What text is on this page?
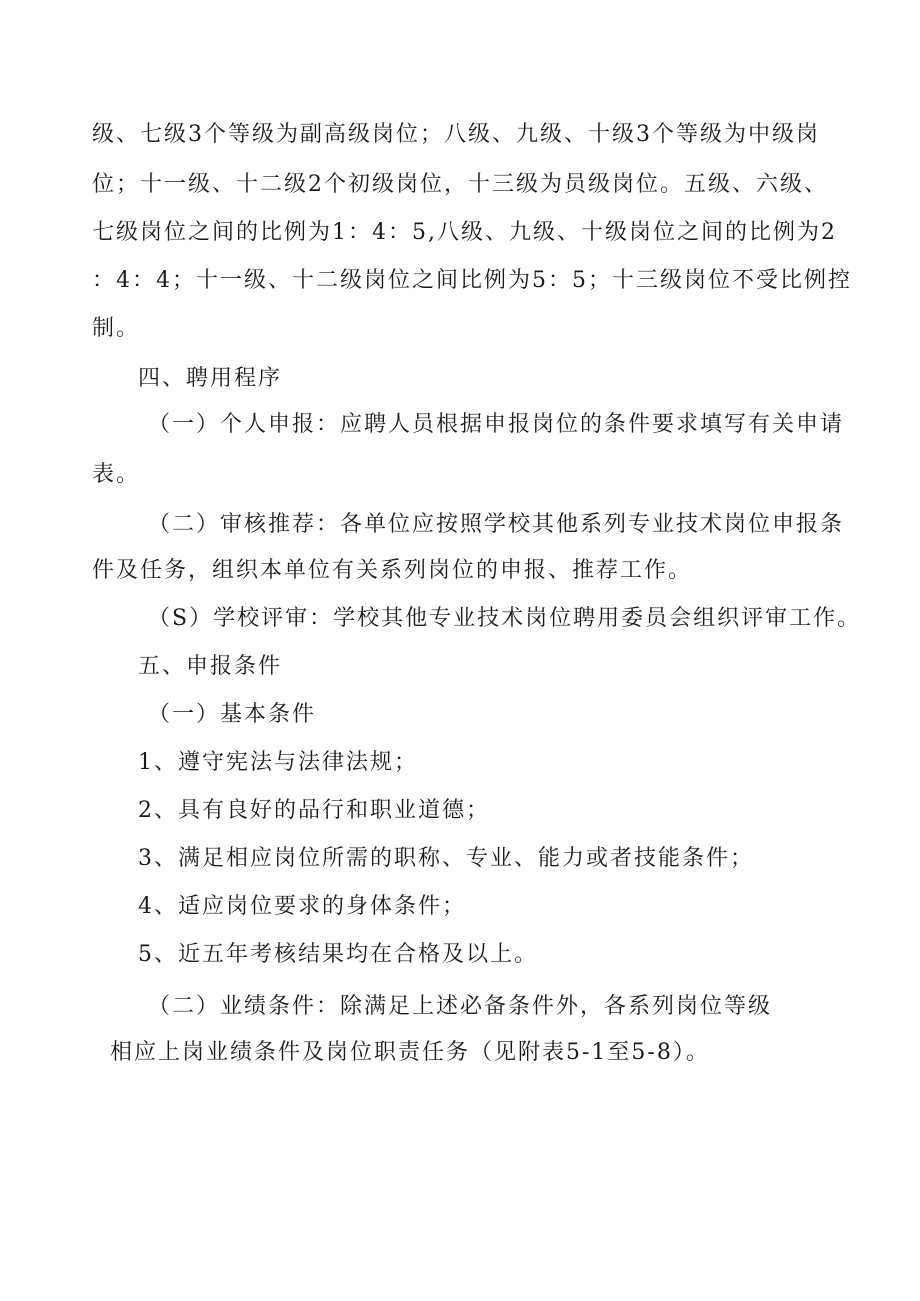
级、七级3个等级为副高级岗位；八级、九级、十级3个等级为中级岗
位；十一级、十二级2个初级岗位，十三级为员级岗位。五级、六级、
七级岗位之间的比例为1：4：5,八级、九级、十级岗位之间的比例为2
：4：4；十一级、十二级岗位之间比例为5：5；十三级岗位不受比例控
制。
四、聘用程序
（一）个人申报：应聘人员根据申报岗位的条件要求填写有关申请
表。
（二）审核推荐：各单位应按照学校其他系列专业技术岗位申报条
件及任务，组织本单位有关系列岗位的申报、推荐工作。
（S）学校评审：学校其他专业技术岗位聘用委员会组织评审工作。
五、申报条件
（一）基本条件
1、遵守宪法与法律法规；
2、具有良好的品行和职业道德；
3、满足相应岗位所需的职称、专业、能力或者技能条件；
4、适应岗位要求的身体条件；
5、近五年考核结果均在合格及以上。
（二）业绩条件：除满足上述必备条件外，各系列岗位等级
相应上岗业绩条件及岗位职责任务（见附表5-1至5-8）。
